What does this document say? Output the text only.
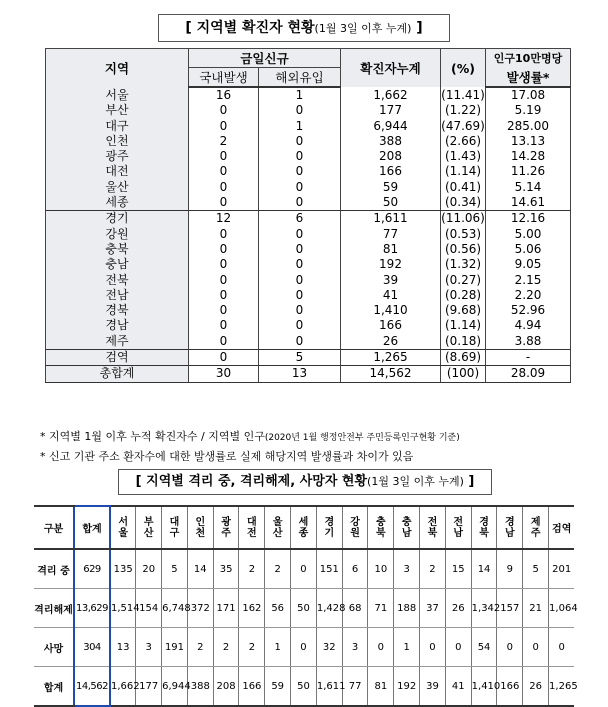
[ 지역별 확진자 현황(1월 3일 이후 누계) ]
지역	금일신규		확진자누계	(%)	인구10만명당
	국내발생	해외유입			발생률*
서울	16	1	1,662	(11.41)	17.08
부산	0	0	177	(1.22)	5.19
대구	0	1	6,944	(47.69)	285.00
인천	2	0	388	(2.66)	13.13
광주	0	0	208	(1.43)	14.28
대전	0	0	166	(1.14)	11.26
울산	0	0	59	(0.41)	5.14
세종	0	0	50	(0.34)	14.61
경기	12	6	1,611	(11.06)	12.16
강원	0	0	77	(0.53)	5.00
충북	0	0	81	(0.56)	5.06
충남	0	0	192	(1.32)	9.05
전북	0	0	39	(0.27)	2.15
전남	0	0	41	(0.28)	2.20
경북	0	0	1,410	(9.68)	52.96
경남	0	0	166	(1.14)	4.94
제주	0	0	26	(0.18)	3.88
검역	0	5	1,265	(8.69)	-
총합계	30	13	14,562	(100)	28.09
* 지역별 1월 이후 누적 확진자수 / 지역별 인구(2020년 1월 행정안전부 주민등록인구현황 기준)
* 신고 기관 주소 환자수에 대한 발생률로 실제 해당지역 발생률과 차이가 있음
[ 지역별 격리 중, 격리해제, 사망자 현황(1월 3일 이후 누계) ]
구분	합계	서울	부산	대구	인천	광주	대전	울산	세종	경기	강원	충북	충남	전북	전남	경북	경남	제주	검역
격리 중	629	135	20	5	14	35	2	2	0	151	6	10	3	2	15	14	9	5	201
격리해제	13,629	1,514	154	6,748	372	171	162	56	50	1,428	68	71	188	37	26	1,342	157	21	1,064
사망	304	13	3	191	2	2	2	1	0	32	3	0	1	0	0	54	0	0	0
합계	14,562	1,662	177	6,944	388	208	166	59	50	1,611	77	81	192	39	41	1,410	166	26	1,265
